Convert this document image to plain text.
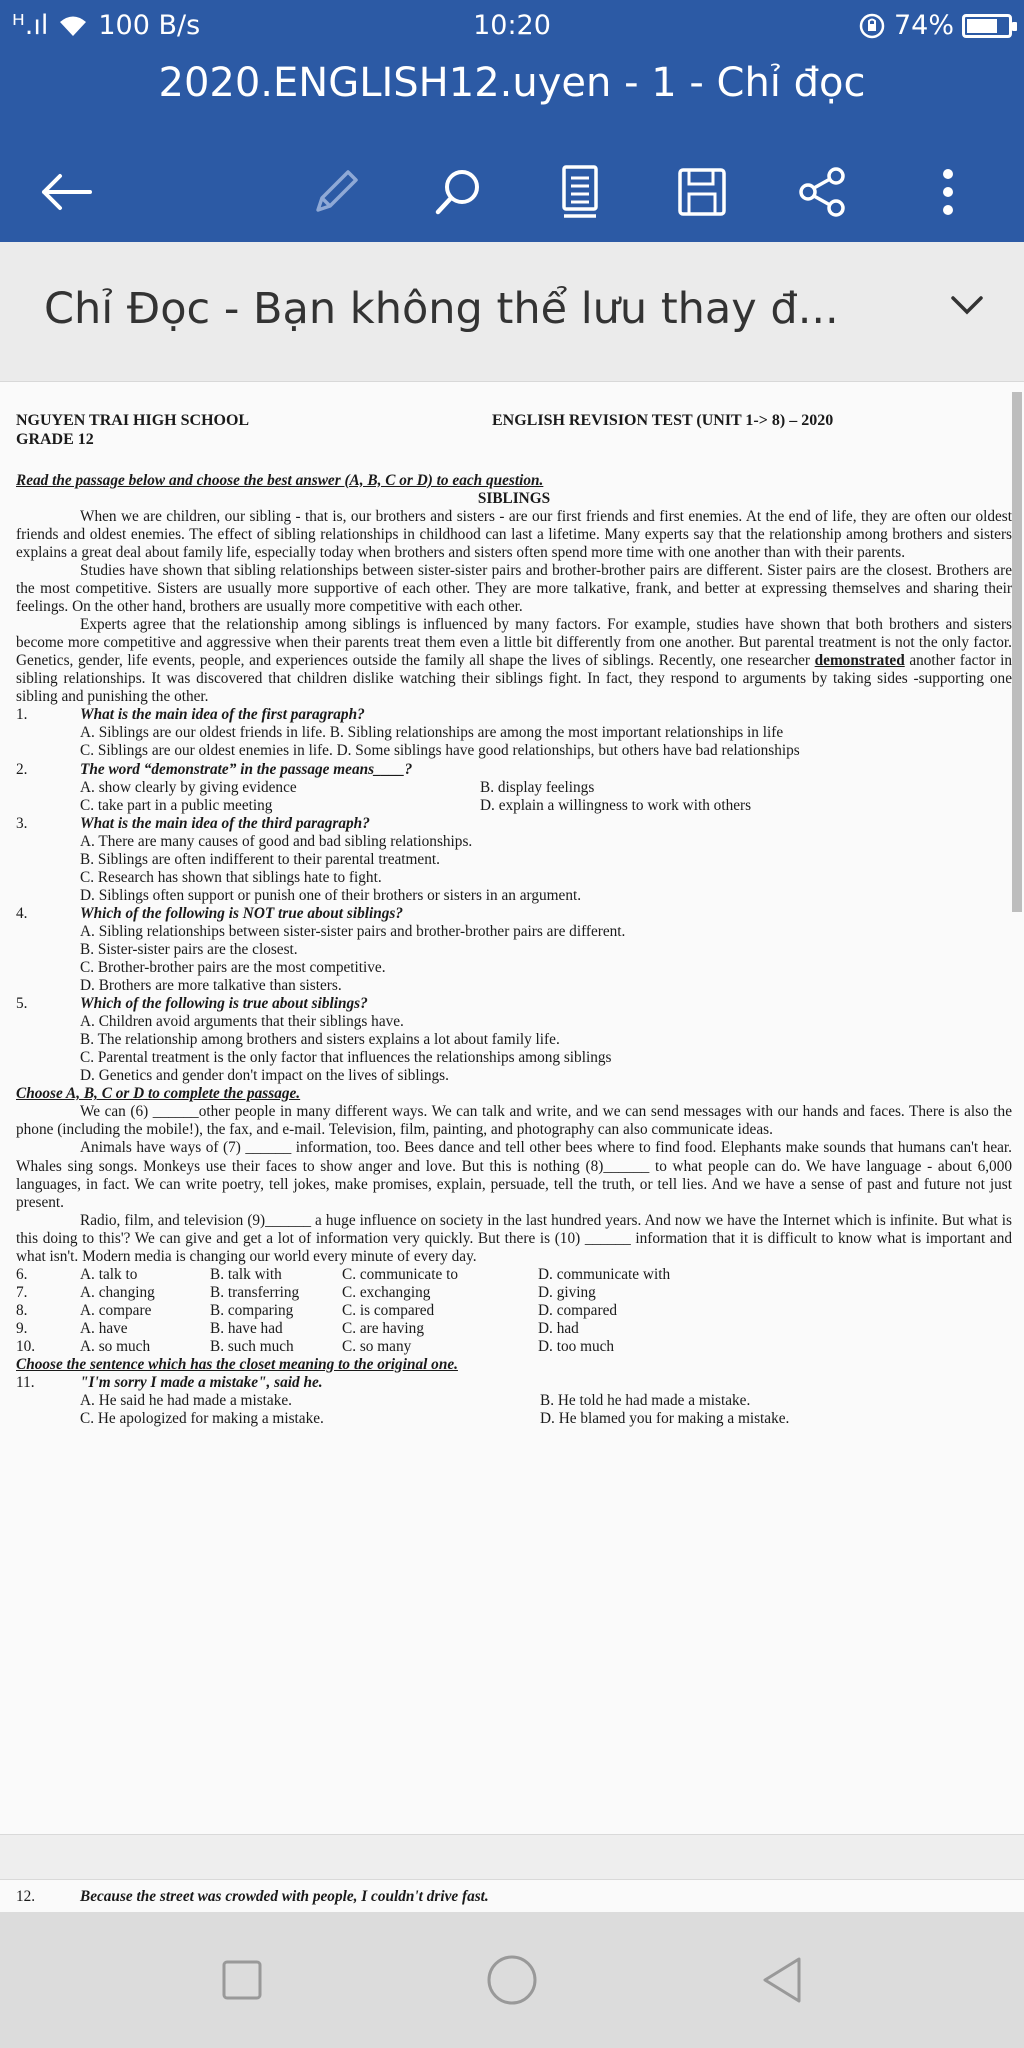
ᴴ.ıl 100 B/s	10:20	74%
2020.ENGLISH12.uyen - 1 - Chỉ đọc
Chỉ Đọc - Bạn không thể lưu thay đ...
NGUYEN TRAI HIGH SCHOOL
GRADE 12
ENGLISH REVISION TEST (UNIT 1-> 8) – 2020
Read the passage below and choose the best answer (A, B, C or D) to each question.
SIBLINGS

When we are children, our sibling - that is, our brothers and sisters - are our first friends and first enemies. At the end of life, they are often our oldest friends and oldest enemies. The effect of sibling relationships in childhood can last a lifetime. Many experts say that the relationship among brothers and sisters explains a great deal about family life, especially today when brothers and sisters often spend more time with one another than with their parents.

Studies have shown that sibling relationships between sister-sister pairs and brother-brother pairs are different. Sister pairs are the closest. Brothers are the most competitive. Sisters are usually more supportive of each other. They are more talkative, frank, and better at expressing themselves and sharing their feelings. On the other hand, brothers are usually more competitive with each other.

Experts agree that the relationship among siblings is influenced by many factors. For example, studies have shown that both brothers and sisters become more competitive and aggressive when their parents treat them even a little bit differently from one another. But parental treatment is not the only factor. Genetics, gender, life events, people, and experiences outside the family all shape the lives of siblings. Recently, one researcher demonstrated another factor in sibling relationships. It was discovered that children dislike watching their siblings fight. In fact, they respond to arguments by taking sides -supporting one sibling and punishing the other.

1.	What is the main idea of the first paragraph?
A. Siblings are our oldest friends in life. B. Sibling relationships are among the most important relationships in life
C. Siblings are our oldest enemies in life. D. Some siblings have good relationships, but others have bad relationships
2.	The word “demonstrate” in the passage means____?
A. show clearly by giving evidence	B. display feelings
C. take part in a public meeting	D. explain a willingness to work with others
3.	What is the main idea of the third paragraph?
A. There are many causes of good and bad sibling relationships.
B. Siblings are often indifferent to their parental treatment.
C. Research has shown that siblings hate to fight.
D. Siblings often support or punish one of their brothers or sisters in an argument.
4.	Which of the following is NOT true about siblings?
A. Sibling relationships between sister-sister pairs and brother-brother pairs are different.
B. Sister-sister pairs are the closest.
C. Brother-brother pairs are the most competitive.
D. Brothers are more talkative than sisters.
5.	Which of the following is true about siblings?
A. Children avoid arguments that their siblings have.
B. The relationship among brothers and sisters explains a lot about family life.
C. Parental treatment is the only factor that influences the relationships among siblings
D. Genetics and gender don't impact on the lives of siblings.
Choose A, B, C or D to complete the passage.

We can (6) ______other people in many different ways. We can talk and write, and we can send messages with our hands and faces. There is also the phone (including the mobile!), the fax, and e-mail. Television, film, painting, and photography can also communicate ideas.

Animals have ways of (7) ______ information, too. Bees dance and tell other bees where to find food. Elephants make sounds that humans can't hear. Whales sing songs. Monkeys use their faces to show anger and love. But this is nothing (8)______ to what people can do. We have language - about 6,000 languages, in fact. We can write poetry, tell jokes, make promises, explain, persuade, tell the truth, or tell lies. And we have a sense of past and future not just present.

Radio, film, and television (9)______ a huge influence on society in the last hundred years. And now we have the Internet which is infinite. But what is this doing to this'? We can give and get a lot of information very quickly. But there is (10) ______ information that it is difficult to know what is important and what isn't. Modern media is changing our world every minute of every day.

6.	A. talk to	B. talk with	C. communicate to	D. communicate with
7.	A. changing	B. transferring	C. exchanging	D. giving
8.	A. compare	B. comparing	C. is compared	D. compared
9.	A. have	B. have had	C. are having	D. had
10.	A. so much	B. such much	C. so many	D. too much
Choose the sentence which has the closet meaning to the original one.
11.	"I'm sorry I made a mistake", said he.
A. He said he had made a mistake.	B. He told he had made a mistake.
C. He apologized for making a mistake.	D. He blamed you for making a mistake.
12.	Because the street was crowded with people, I couldn't drive fast.
